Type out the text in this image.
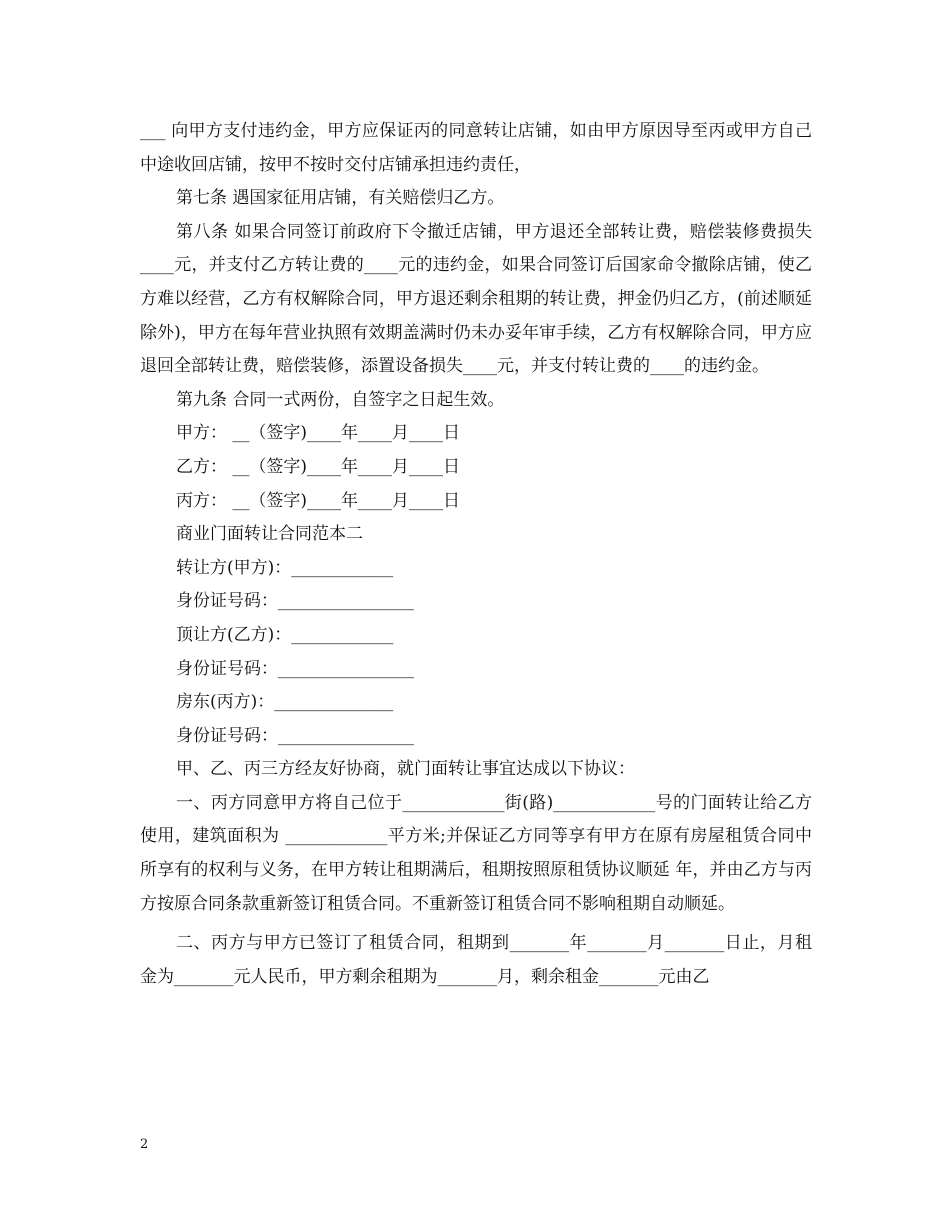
___ 向甲方支付违约金，甲方应保证丙的同意转让店铺，如由甲方原因导至丙或甲方自己中途收回店铺，按甲不按时交付店铺承担违约责任，

第七条 遇国家征用店铺，有关赔偿归乙方。

第八条 如果合同签订前政府下令撤迁店铺，甲方退还全部转让费，赔偿装修费损失____元，并支付乙方转让费的____元的违约金，如果合同签订后国家命令撤除店铺，使乙方难以经营，乙方有权解除合同，甲方退还剩余租期的转让费，押金仍归乙方，(前述顺延除外)，甲方在每年营业执照有效期盖满时仍未办妥年审手续，乙方有权解除合同，甲方应退回全部转让费，赔偿装修，添置设备损失____元，并支付转让费的____的违约金。

第九条 合同一式两份，自签字之日起生效。

甲方： __（签字)____年____月____日

乙方： __（签字)____年____月____日

丙方： __（签字)____年____月____日

商业门面转让合同范本二

转让方(甲方)：____________

身份证号码：________________

顶让方(乙方)：____________

身份证号码：________________

房东(丙方)：______________

身份证号码：________________

甲、乙、丙三方经友好协商，就门面转让事宜达成以下协议：

一、丙方同意甲方将自己位于____________街(路)____________号的门面转让给乙方使用，建筑面积为 ____________平方米;并保证乙方同等享有甲方在原有房屋租赁合同中所享有的权利与义务，在甲方转让租期满后，租期按照原租赁协议顺延 年，并由乙方与丙方按原合同条款重新签订租赁合同。不重新签订租赁合同不影响租期自动顺延。

二、丙方与甲方已签订了租赁合同，租期到_______年_______月_______日止，月租金为_______元人民币，甲方剩余租期为_______月，剩余租金_______元由乙

2
